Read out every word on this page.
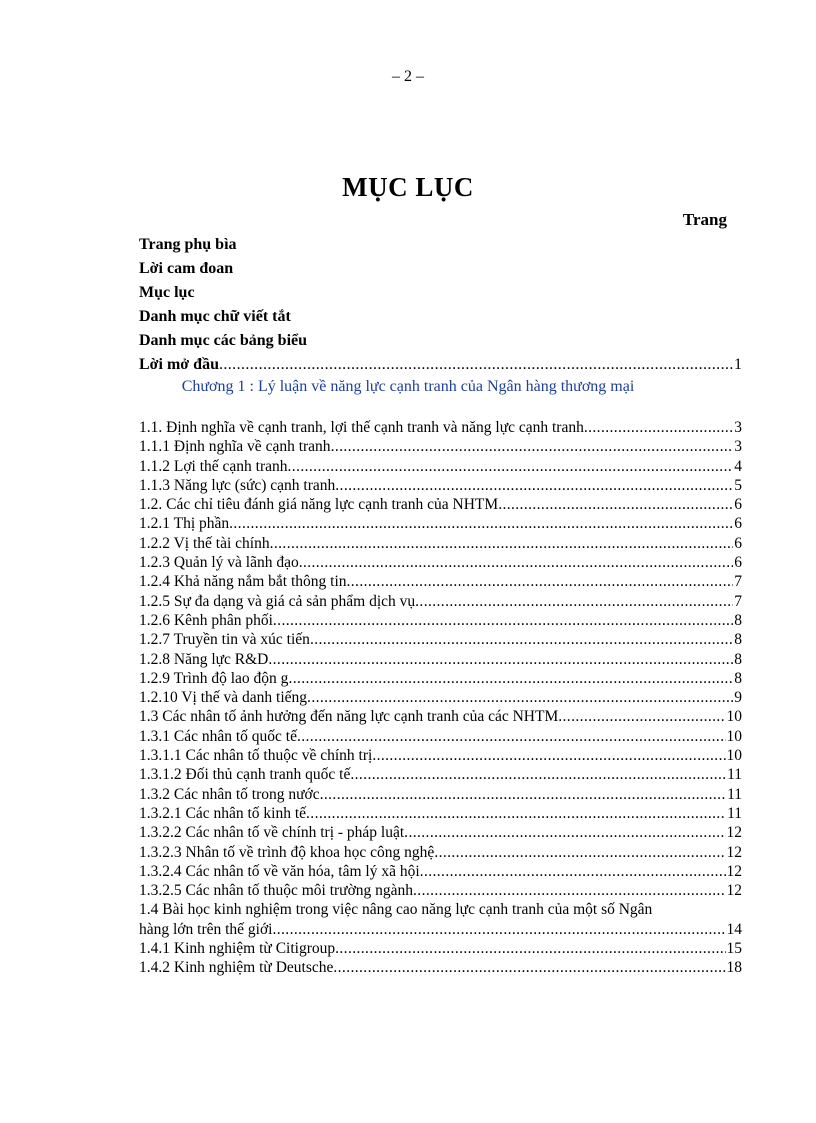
– 2 –
MỤC LỤC
Trang
Trang phụ bìa
Lời cam đoan
Mục lục
Danh mục chữ viết tắt
Danh mục các bảng biểu
Lời mở đầu .....	1
Chương 1 : Lý luận về năng lực cạnh tranh của Ngân hàng thương mại
1.1. Định nghĩa về cạnh tranh, lợi thế cạnh tranh và năng lực cạnh tranh .....	3
1.1.1 Định nghĩa về cạnh tranh .....	3
1.1.2 Lợi thế cạnh tranh .....	4
1.1.3 Năng lực (sức) cạnh tranh .....	5
1.2. Các chỉ tiêu đánh giá năng lực cạnh tranh của NHTM .....	6
1.2.1 Thị phần .....	6
1.2.2 Vị thế tài chính .....	6
1.2.3 Quản lý và lãnh đạo .....	6
1.2.4 Khả năng nắm bắt thông tin .....	7
1.2.5 Sự đa dạng và giá cả sản phẩm dịch vụ .....	7
1.2.6 Kênh phân phối .....	8
1.2.7 Truyền tin và xúc tiến .....	8
1.2.8 Năng lực R&D .....	8
1.2.9 Trình độ lao độn g .....	8
1.2.10 Vị thế và danh tiếng .....	9
1.3 Các nhân tố ảnh hưởng đến năng lực cạnh tranh của các NHTM .....	10
1.3.1 Các nhân tố quốc tế .....	10
1.3.1.1 Các nhân tố thuộc về chính trị .....	10
1.3.1.2 Đối thủ cạnh tranh quốc tế .....	11
1.3.2 Các nhân tố trong nước .....	11
1.3.2.1 Các nhân tố kinh tế .....	11
1.3.2.2 Các nhân tố về chính trị - pháp luật .....	12
1.3.2.3 Nhân tố về trình độ khoa học công nghệ .....	12
1.3.2.4 Các nhân tố về văn hóa, tâm lý xã hội .....	12
1.3.2.5 Các nhân tố thuộc môi trường ngành .....	12
1.4 Bài học kinh nghiệm trong việc nâng cao năng lực cạnh tranh của một số Ngân
hàng lớn trên thế giới .....	14
1.4.1 Kinh nghiệm từ Citigroup .....	15
1.4.2 Kinh nghiệm từ Deutsche .....	18
